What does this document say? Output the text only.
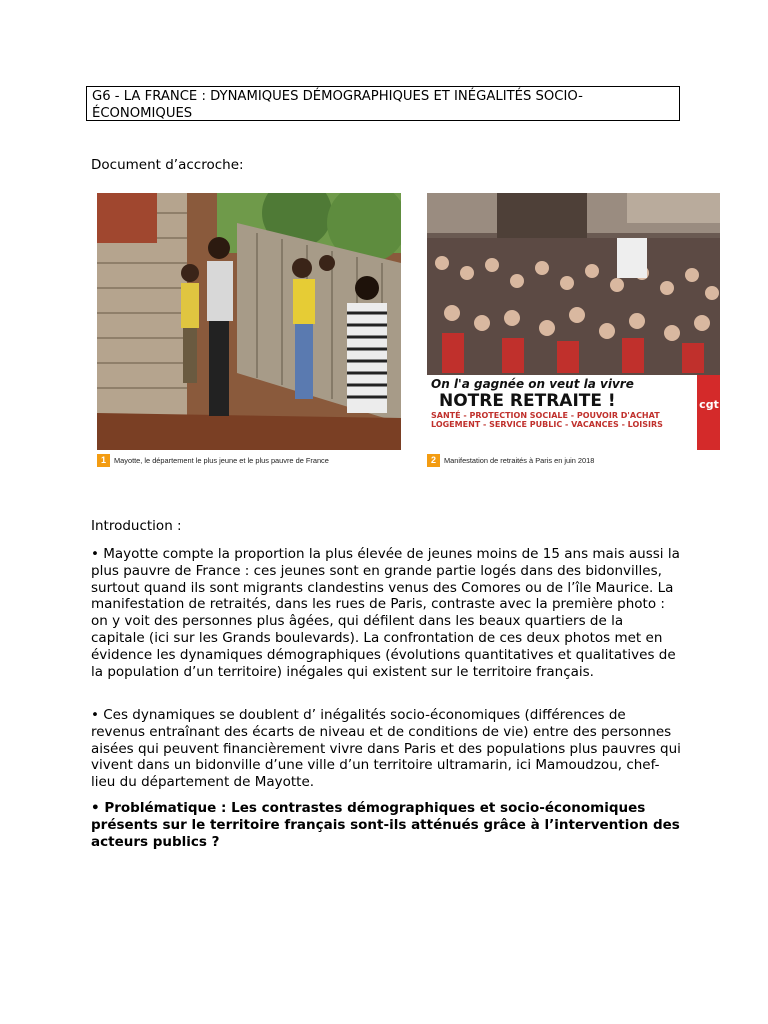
G6 - LA FRANCE : DYNAMIQUES DÉMOGRAPHIQUES ET INÉGALITÉS SOCIO-ÉCONOMIQUES
Document d’accroche:
1	Mayotte, le département le plus jeune et le plus pauvre de France
On l'a gagnée on veut la vivre
NOTRE RETRAITE !
SANTÉ - PROTECTION SOCIALE - POUVOIR D'ACHAT
LOGEMENT - SERVICE PUBLIC - VACANCES - LOISIRS
cgt
2	Manifestation de retraités à Paris en juin 2018
Introduction :

• Mayotte compte la proportion la plus élevée de jeunes moins de 15 ans mais aussi la plus pauvre de France : ces jeunes sont en grande partie logés dans des bidonvilles, surtout quand ils sont migrants clandestins venus des Comores ou de l’île Maurice. La manifestation de retraités, dans les rues de Paris, contraste avec la première photo : on y voit des personnes plus âgées, qui défilent dans les beaux quartiers de la capitale (ici sur les Grands boulevards). La confrontation de ces deux photos met en évidence les dynamiques démographiques (évolutions quantitatives et qualitatives de la population d’un territoire) inégales qui existent sur le territoire français.

• Ces dynamiques se doublent d’ inégalités socio-économiques (différences de revenus entraînant des écarts de niveau et de conditions de vie) entre des personnes aisées qui peuvent financièrement vivre dans Paris et des populations plus pauvres qui vivent dans un bidonville d’une ville d’un territoire ultramarin, ici Mamoudzou, chef-lieu du département de Mayotte.

• Problématique : Les contrastes démographiques et socio-économiques présents sur le territoire français sont-ils atténués grâce à l’intervention des acteurs publics ?
